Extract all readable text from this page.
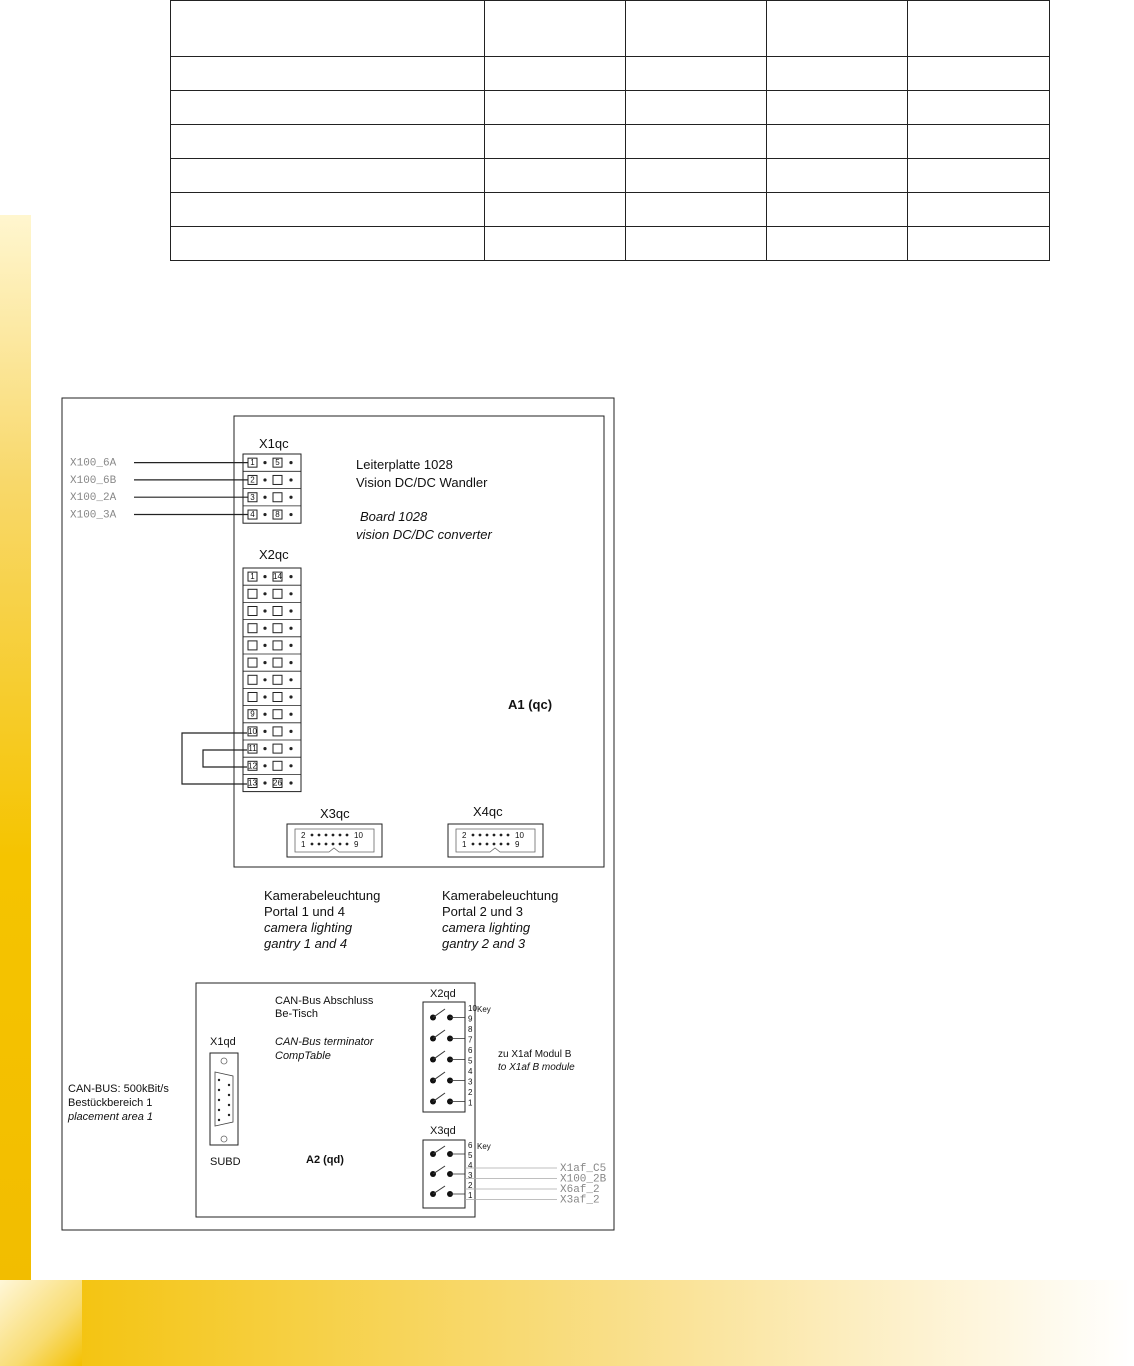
Leiterplatte 1028
Vision DC/DC Wandler
Board 1028
vision DC/DC converter
A1 (qc)
X1qc
1	5
2
3
4	8
X100_6A
X100_6B
X100_2A
X100_3A
X2qc
1 14
9
10
11
12
13 26
X3qc
2
1
10
9
X4qc
2
1
10
9
Kamerabeleuchtung
Portal 1 und 4
camera lighting
gantry 1 and 4
Kamerabeleuchtung
Portal 2 und 3
camera lighting
gantry 2 and 3
CAN-Bus Abschluss
Be-Tisch
CAN-Bus terminator
CompTable
A2 (qd)
X1qd
SUBD
X2qd
Key
10
9
8
7
6
5
4
3
2
1
zu X1af Modul B
to X1af B module
X3qd
Key
6
5
4
3
2
1
X1af_C5
X100_2B
X6af_2
X3af_2
CAN-BUS: 500kBit/s
Bestückbereich 1
placement area 1
